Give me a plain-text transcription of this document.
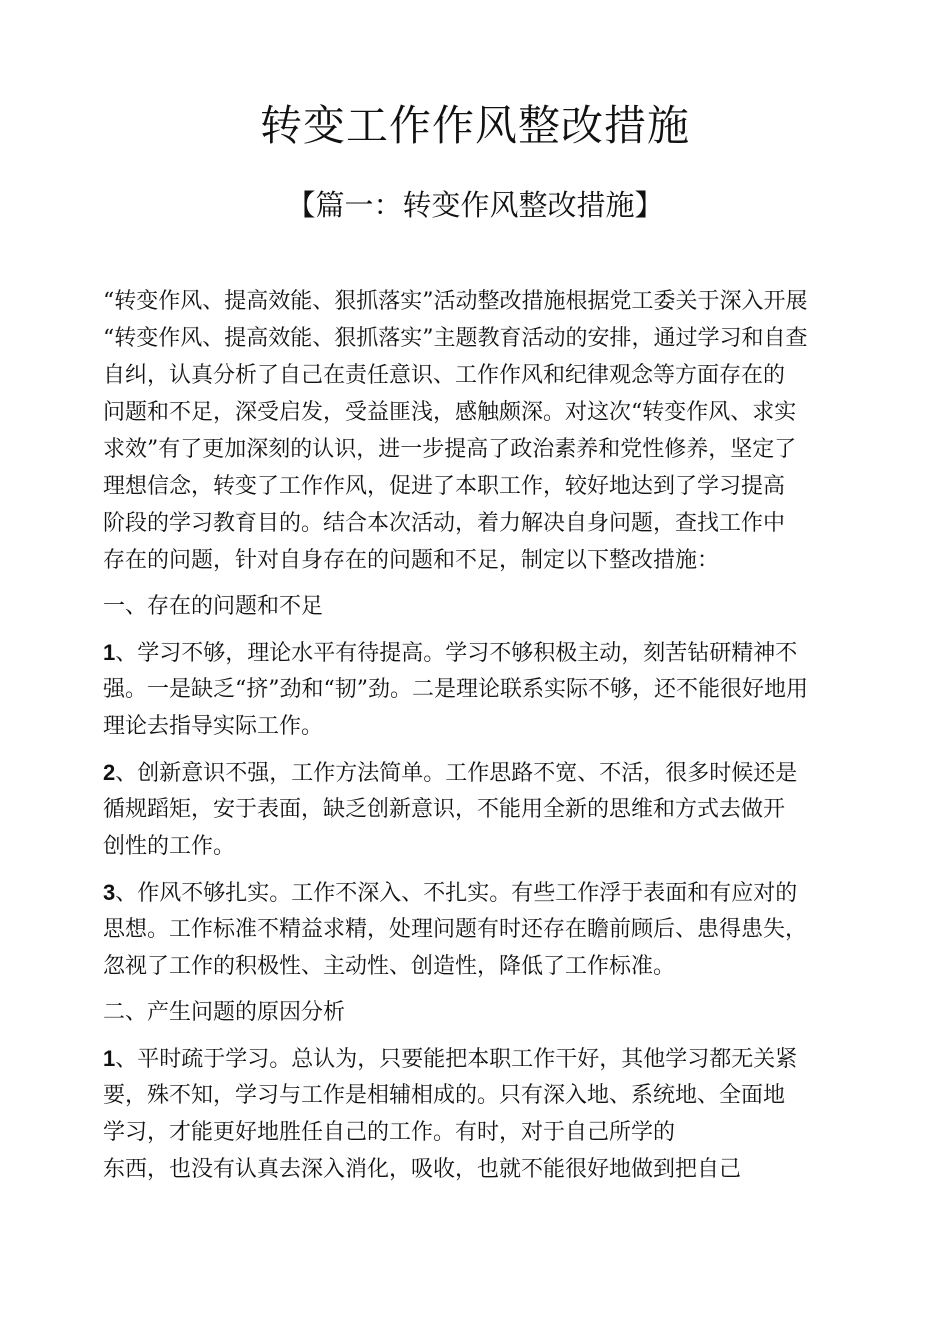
转变工作作风整改措施
【篇一：转变作风整改措施】
“转变作风、提高效能、狠抓落实”活动整改措施根据党工委关于深入开展
“转变作风、提高效能、狠抓落实”主题教育活动的安排，通过学习和自查
自纠，认真分析了自己在责任意识、工作作风和纪律观念等方面存在的
问题和不足，深受启发，受益匪浅，感触颇深。对这次“转变作风、求实
求效”有了更加深刻的认识，进一步提高了政治素养和党性修养，坚定了
理想信念，转变了工作作风，促进了本职工作，较好地达到了学习提高
阶段的学习教育目的。结合本次活动，着力解决自身问题，查找工作中
存在的问题，针对自身存在的问题和不足，制定以下整改措施：
一、存在的问题和不足
1、学习不够，理论水平有待提高。学习不够积极主动，刻苦钻研精神不
强。一是缺乏“挤”劲和“韧”劲。二是理论联系实际不够，还不能很好地用
理论去指导实际工作。
2、创新意识不强，工作方法简单。工作思路不宽、不活，很多时候还是
循规蹈矩，安于表面，缺乏创新意识，不能用全新的思维和方式去做开
创性的工作。
3、作风不够扎实。工作不深入、不扎实。有些工作浮于表面和有应对的
思想。工作标准不精益求精，处理问题有时还存在瞻前顾后、患得患失，
忽视了工作的积极性、主动性、创造性，降低了工作标准。
二、产生问题的原因分析
1、平时疏于学习。总认为，只要能把本职工作干好，其他学习都无关紧
要，殊不知，学习与工作是相辅相成的。只有深入地、系统地、全面地
学习，才能更好地胜任自己的工作。有时，对于自己所学的
东西，也没有认真去深入消化，吸收，也就不能很好地做到把自己
